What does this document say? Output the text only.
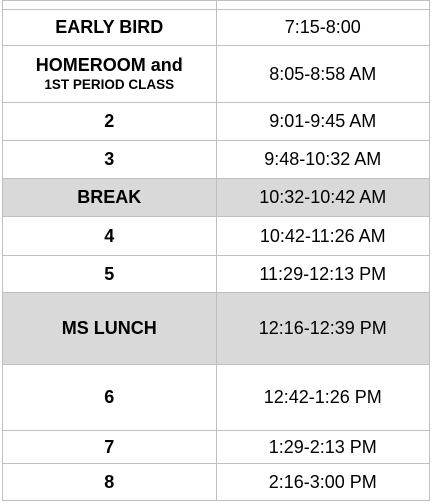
EARLY BIRD	7:15-8:00

HOMEROOM and
1ST PERIOD CLASS	8:05-8:58 AM
2	9:01-9:45 AM
3	9:48-10:32 AM
BREAK	10:32-10:42 AM
4	10:42-11:26 AM
5	11:29-12:13 PM
MS LUNCH	12:16-12:39 PM
6	12:42-1:26 PM
7	1:29-2:13 PM
8	2:16-3:00 PM
